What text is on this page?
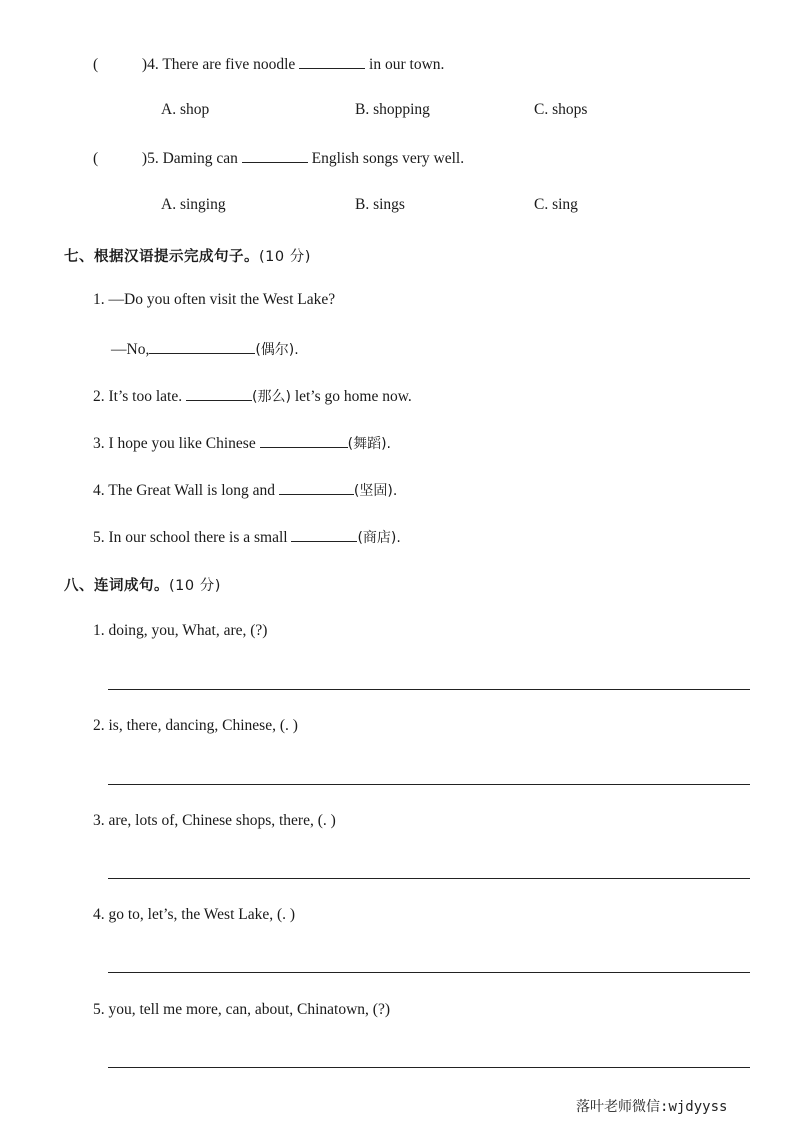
(	)4. There are five noodle	in our town.
A. shop	B. shopping	C. shops
(	)5. Daming can	English songs very well.
A. singing	B. sings	C. sing
七、根据汉语提示完成句子。(10 分)
1. —Do you often visit the West Lake?
—No,	(偶尔).
2. It’s too late.	(那么) let’s go home now.
3. I hope you like Chinese	(舞蹈).
4. The Great Wall is long and	(坚固).
5. In our school there is a small	(商店).
八、连词成句。(10 分)
1. doing, you, What, are, (?)
2. is, there, dancing, Chinese, (. )
3. are, lots of, Chinese shops, there, (. )
4. go to, let’s, the West Lake, (. )
5. you, tell me more, can, about, Chinatown, (?)
落叶老师微信:wjdyyss
